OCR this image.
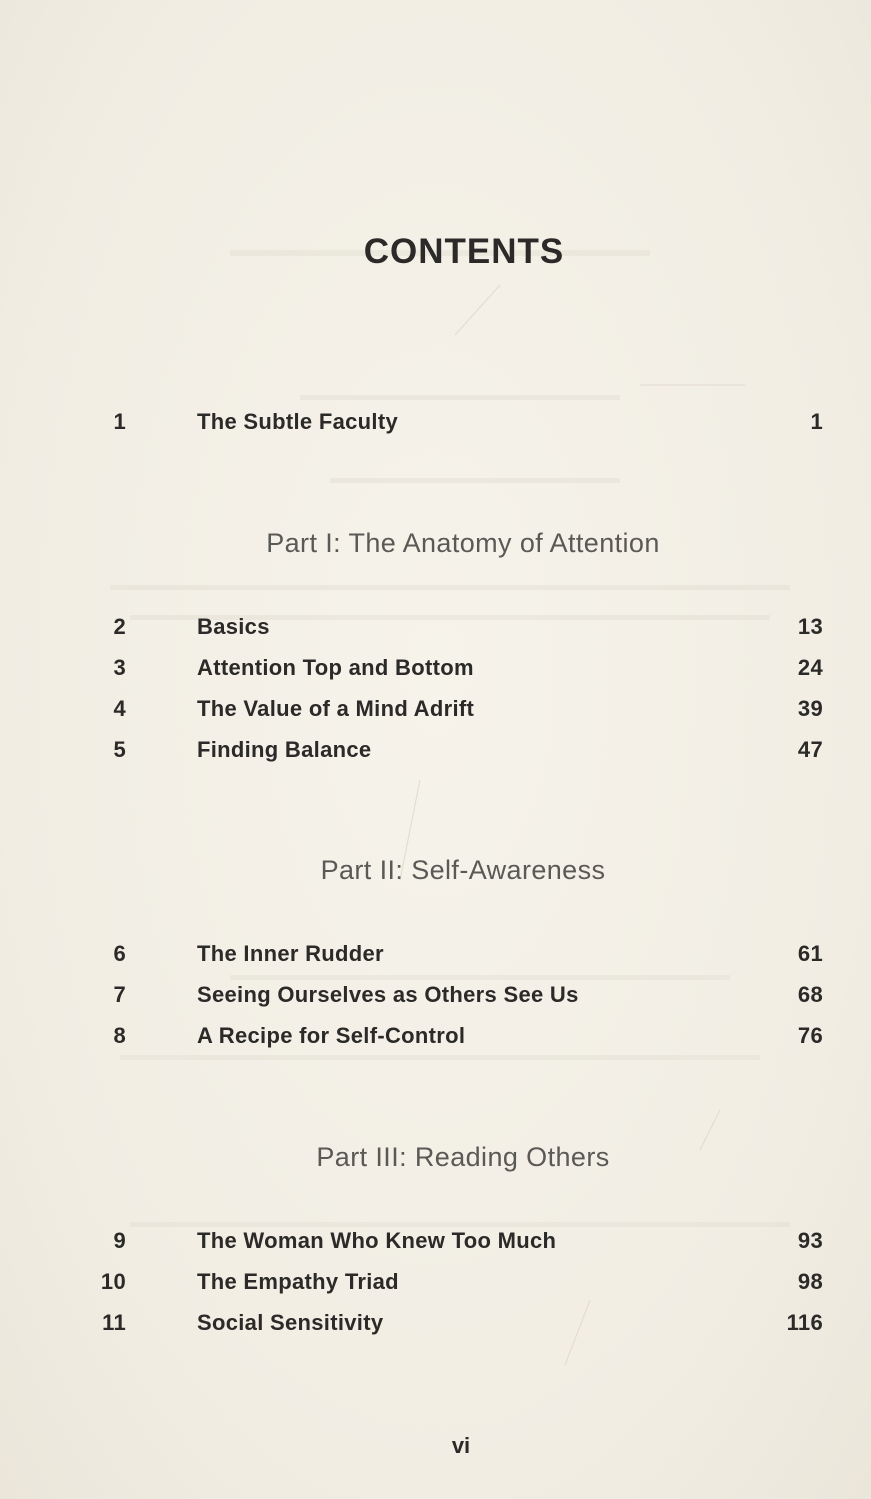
CONTENTS
1	The Subtle Faculty	1
Part I: The Anatomy of Attention
2	Basics	13
3	Attention Top and Bottom	24
4	The Value of a Mind Adrift	39
5	Finding Balance	47
Part II: Self-Awareness
6	The Inner Rudder	61
7	Seeing Ourselves as Others See Us	68
8	A Recipe for Self-Control	76
Part III: Reading Others
9	The Woman Who Knew Too Much	93
10	The Empathy Triad	98
11	Social Sensitivity	116
vi
